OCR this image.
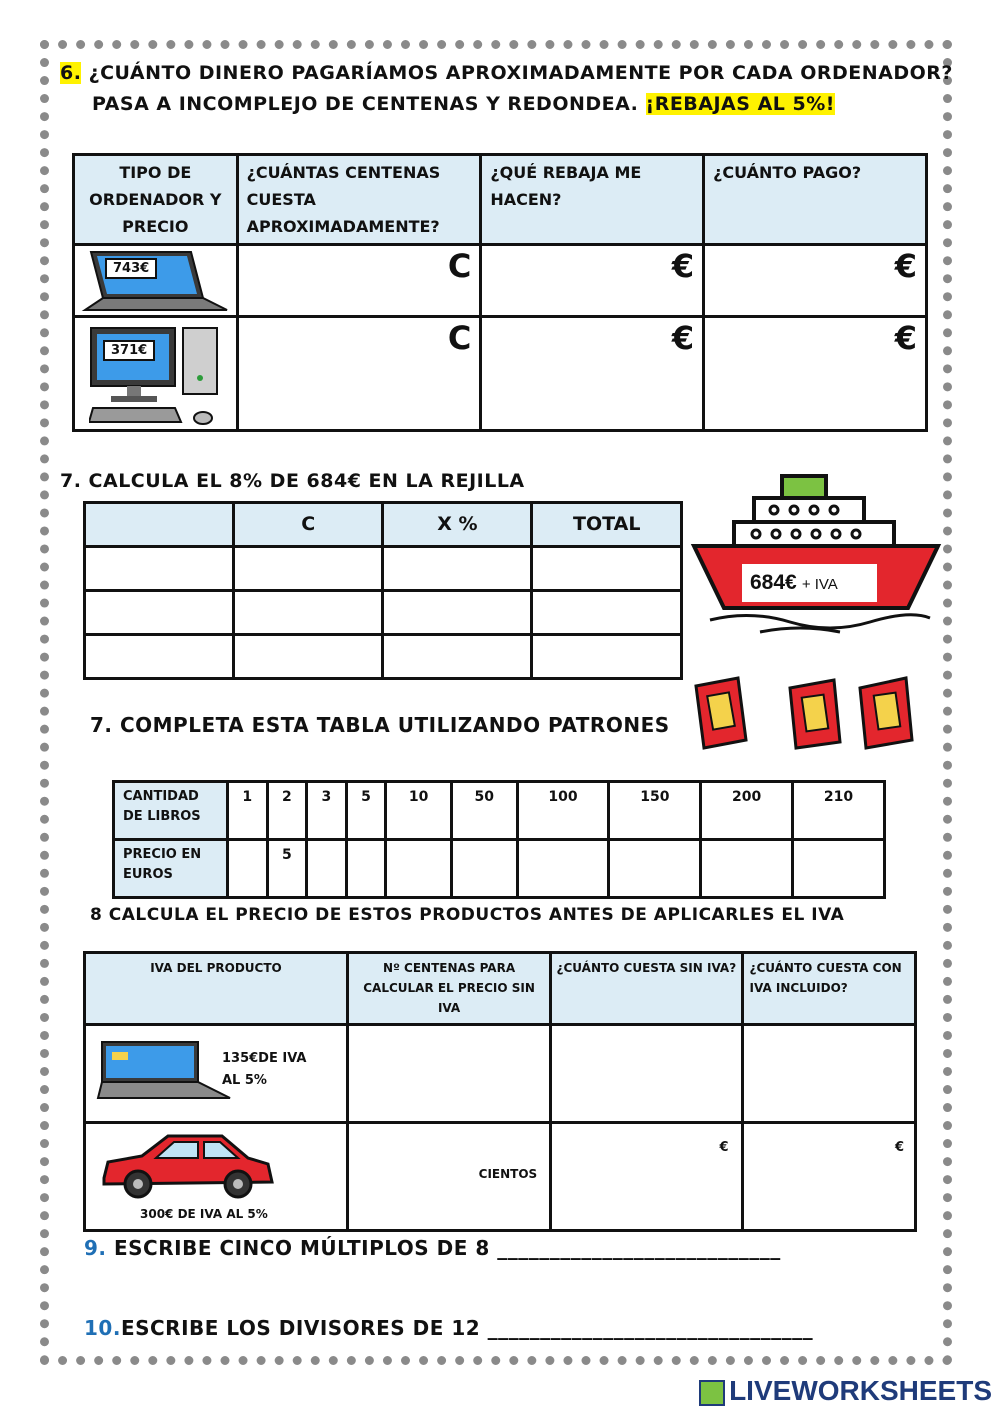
6. ¿CUÁNTO DINERO PAGARÍAMOS APROXIMADAMENTE POR CADA ORDENADOR?
PASA A INCOMPLEJO DE CENTENAS Y REDONDEA. ¡REBAJAS AL 5%!
TIPO DE ORDENADOR Y PRECIO	¿CUÁNTAS CENTENAS CUESTA APROXIMADAMENTE?	¿QUÉ REBAJA ME HACEN?	¿CUÁNTO PAGO?

743€	C	€	€

371€	C	€	€
7. CALCULA EL 8% DE 684€ EN LA REJILLA
	C	X %	TOTAL

684€ + IVA
7. COMPLETA ESTA TABLA UTILIZANDO PATRONES
CANTIDAD DE LIBROS	1	2	3	5	10	50	100	150	200	210
PRECIO EN EUROS		5								
8 CALCULA EL PRECIO DE ESTOS PRODUCTOS ANTES DE APLICARLES EL IVA
IVA DEL PRODUCTO	Nº CENTENAS PARA CALCULAR EL PRECIO SIN IVA	¿CUÁNTO CUESTA SIN IVA?	¿CUÁNTO CUESTA CON IVA INCLUIDO?

135€DE IVA AL 5%			

300€ DE IVA AL 5%	CIENTOS	€	€
9. ESCRIBE CINCO MÚLTIPLOS DE 8 ___________________________
10.ESCRIBE LOS DIVISORES DE 12 _______________________________
LIVEWORKSHEETS
